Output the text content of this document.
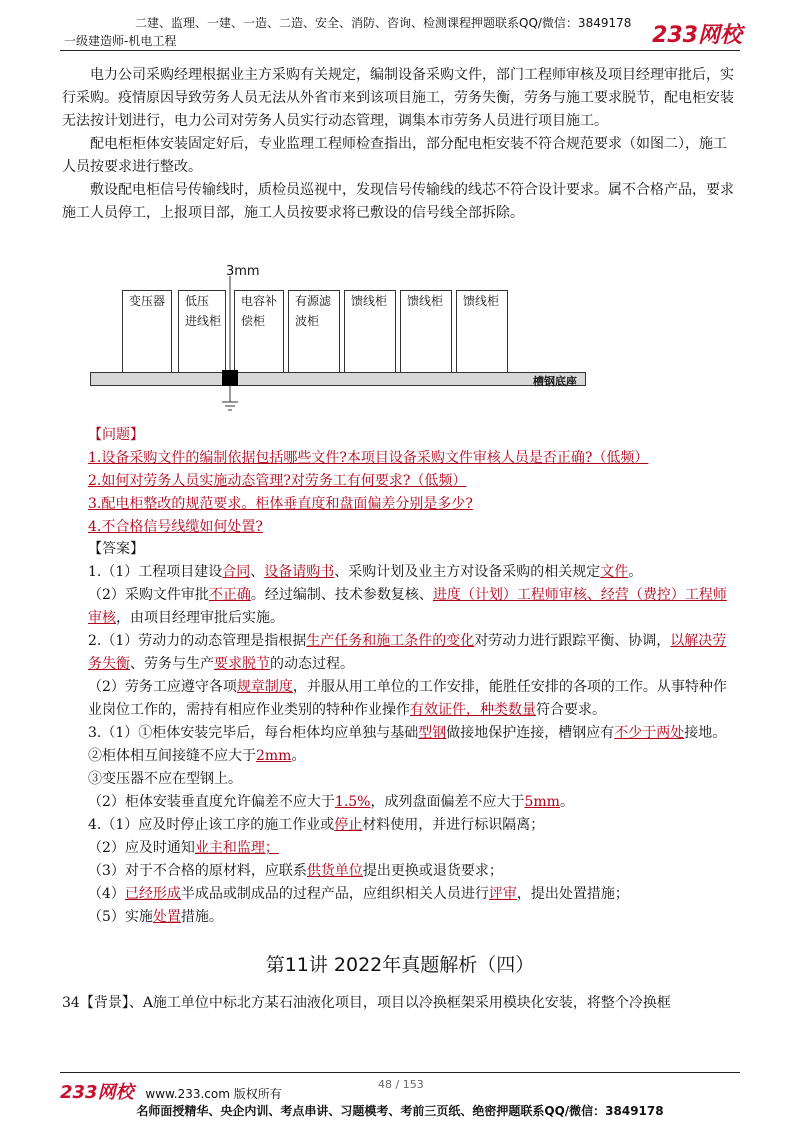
二建、监理、一建、一造、二造、安全、消防、咨询、检测课程押题联系QQ/微信：3849178
一级建造师-机电工程	233网校

电力公司采购经理根据业主方采购有关规定，编制设备采购文件，部门工程师审核及项目经理审批后，实行采购。疫情原因导致劳务人员无法从外省市来到该项目施工，劳务失衡，劳务与施工要求脱节，配电柜安装无法按计划进行，电力公司对劳务人员实行动态管理，调集本市劳务人员进行项目施工。

配电柜柜体安装固定好后，专业监理工程师检查指出，部分配电柜安装不符合规范要求（如图二），施工人员按要求进行整改。

敷设配电柜信号传输线时，质检员巡视中，发现信号传输线的线芯不符合设计要求。属不合格产品，要求施工人员停工，上报项目部，施工人员按要求将已敷设的信号线全部拆除。

3mm
变压器	低压
进线柜
电容补
偿柜
有源滤
波柜
馈线柜	馈线柜	馈线柜
槽钢底座

【问题】

1.设备采购文件的编制依据包括哪些文件?本项目设备采购文件审核人员是否正确?（低频）

2.如何对劳务人员实施动态管理?对劳务工有何要求?（低频）

3.配电柜整改的规范要求。柜体垂直度和盘面偏差分别是多少?

4.不合格信号线缆如何处置?

【答案】

1.（1）工程项目建设合同、设备请购书、采购计划及业主方对设备采购的相关规定文件。

（2）采购文件审批不正确。经过编制、技术参数复核、进度（计划）工程师审核、经营（费控）工程师审核，由项目经理审批后实施。

2.（1）劳动力的动态管理是指根据生产任务和施工条件的变化对劳动力进行跟踪平衡、协调，以解决劳务失衡、劳务与生产要求脱节的动态过程。

（2）劳务工应遵守各项规章制度，并服从用工单位的工作安排，能胜任安排的各项的工作。从事特种作业岗位工作的，需持有相应作业类别的特种作业操作有效证件，种类数量符合要求。

3.（1）①柜体安装完毕后，每台柜体均应单独与基础型钢做接地保护连接，槽钢应有不少于两处接地。

②柜体相互间接缝不应大于2mm。

③变压器不应在型钢上。

（2）柜体安装垂直度允许偏差不应大于1.5%，成列盘面偏差不应大于5mm。

4.（1）应及时停止该工序的施工作业或停止材料使用，并进行标识隔离；

（2）应及时通知业主和监理；

（3）对于不合格的原材料，应联系供货单位提出更换或退货要求；

（4）已经形成半成品或制成品的过程产品，应组织相关人员进行评审，提出处置措施；

（5）实施处置措施。

第11讲 2022年真题解析（四）

34【背景】、A施工单位中标北方某石油液化项目，项目以冷换框架采用模块化安装，将整个冷换框

233网校 www.233.com 版权所有
48 / 153
名师面授精华、央企内训、考点串讲、习题模考、考前三页纸、绝密押题联系QQ/微信：3849178
